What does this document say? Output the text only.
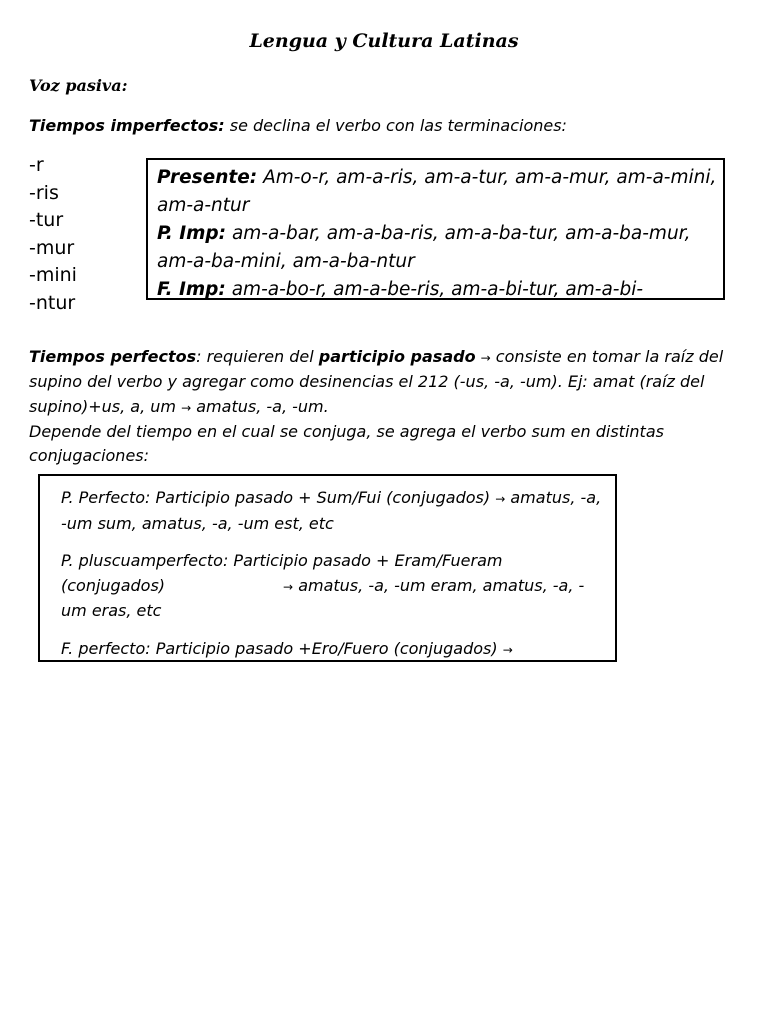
Lengua y Cultura Latinas
Voz pasiva:
Tiempos imperfectos: se declina el verbo con las terminaciones:
-r
-ris
-tur
-mur
-mini
-ntur

Presente: Am-o-r, am-a-ris, am-a-tur, am-a-mur, am-a-mini, am-a-ntur

P. Imp: am-a-bar, am-a-ba-ris, am-a-ba-tur, am-a-ba-mur, am-a-ba-mini, am-a-ba-ntur

F. Imp: am-a-bo-r, am-a-be-ris, am-a-bi-tur, am-a-bi-

Tiempos perfectos: requieren del participio pasado → consiste en tomar la raíz del supino del verbo y agregar como desinencias el 212 (-us, -a, -um). Ej: amat (raíz del supino)+us, a, um → amatus, -a, -um.

Depende del tiempo en el cual se conjuga, se agrega el verbo sum en distintas conjugaciones:

P. Perfecto: Participio pasado + Sum/Fui (conjugados) → amatus, -a, -um sum, amatus, -a, -um est, etc

P. pluscuamperfecto: Participio pasado + Eram/Fueram (conjugados)	→ amatus, -a, -um eram, amatus, -a, -um eras, etc

F. perfecto: Participio pasado +Ero/Fuero (conjugados) →
